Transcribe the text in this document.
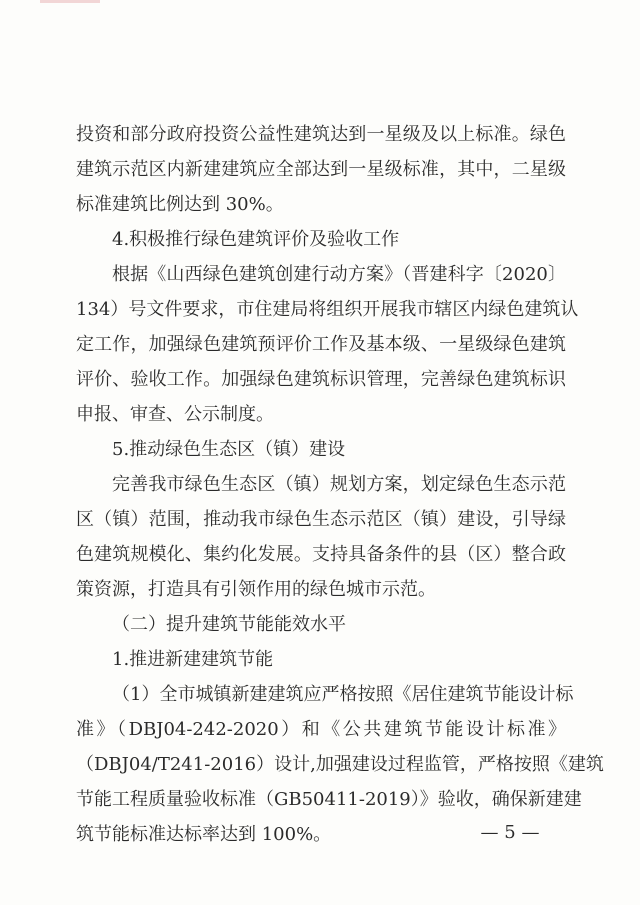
投资和部分政府投资公益性建筑达到一星级及以上标准。绿色
建筑示范区内新建建筑应全部达到一星级标准，其中，二星级
标准建筑比例达到 30%。
4.积极推行绿色建筑评价及验收工作
根据《山西绿色建筑创建行动方案》（晋建科字〔2020〕
134）号文件要求，市住建局将组织开展我市辖区内绿色建筑认
定工作，加强绿色建筑预评价工作及基本级、一星级绿色建筑
评价、验收工作。加强绿色建筑标识管理，完善绿色建筑标识
申报、审查、公示制度。
5.推动绿色生态区（镇）建设
完善我市绿色生态区（镇）规划方案，划定绿色生态示范
区（镇）范围，推动我市绿色生态示范区（镇）建设，引导绿
色建筑规模化、集约化发展。支持具备条件的县（区）整合政
策资源，打造具有引领作用的绿色城市示范。
（二）提升建筑节能能效水平
1.推进新建建筑节能
（1）全市城镇新建建筑应严格按照《居住建筑节能设计标
准》（DBJ04-242-2020）和《公共建筑节能设计标准》
（DBJ04/T241-2016）设计,加强建设过程监管，严格按照《建筑
节能工程质量验收标准（GB50411-2019）》验收，确保新建建
筑节能标准达标率达到 100%。	— 5 —
